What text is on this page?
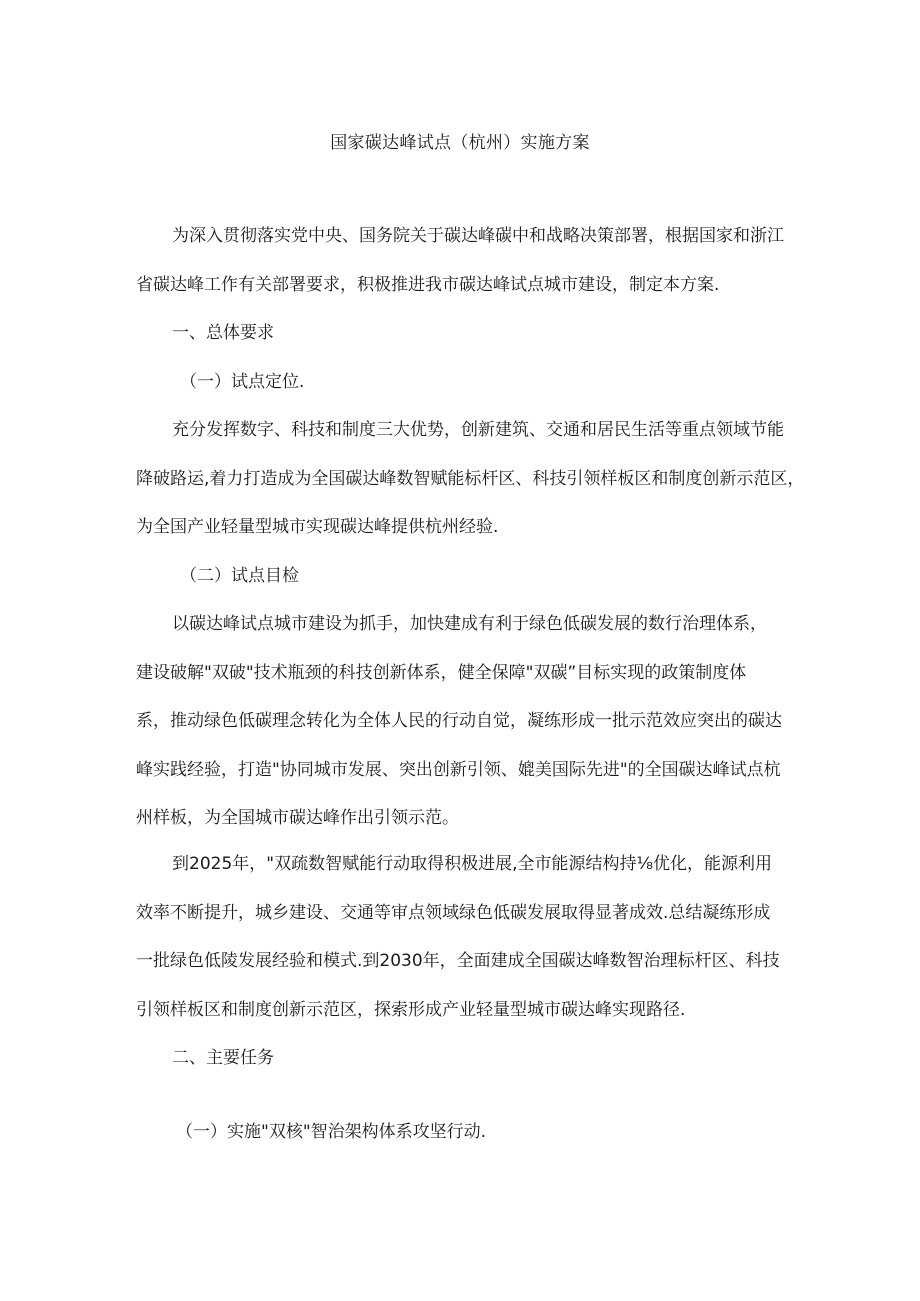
国家碳达峰试点（杭州）实施方案
为深入贯彻落实党中央、国务院关于碳达峰碳中和战略决策部署，根据国家和浙江
省碳达峰工作有关部署要求，积极推进我市碳达峰试点城市建设，制定本方案.
一、总体要求
（一）试点定位.
充分发挥数字、科技和制度三大优势，创新建筑、交通和居民生活等重点领域节能
降破路运,着力打造成为全国碳达峰数智赋能标杆区、科技引领样板区和制度创新示范区，
为全国产业轻量型城市实现碳达峰提供杭州经验.
（二）试点目检
以碳达峰试点城市建设为抓手，加快建成有利于绿色低碳发展的数行治理体系，
建设破解"双破"技术瓶颈的科技创新体系，健全保障"双碳”目标实现的政策制度体
系，推动绿色低碳理念转化为全体人民的行动自觉，凝练形成一批示范效应突出的碳达
峰实践经验，打造"协同城市发展、突出创新引领、媲美国际先进"的全国碳达峰试点杭
州样板，为全国城市碳达峰作出引领示范。
到2025年，"双疏数智赋能行动取得积极进展,全市能源结构持⅛优化，能源利用
效率不断提升，城乡建设、交通等审点领域绿色低碳发展取得显著成效.总结凝练形成
一批绿色低陵发展经验和模式.到2030年，全面建成全国碳达峰数智治理标杆区、科技
引领样板区和制度创新示范区，探索形成产业轻量型城市碳达峰实现路径.
二、主要任务
（一）实施"双核"智治架构体系攻坚行动.
